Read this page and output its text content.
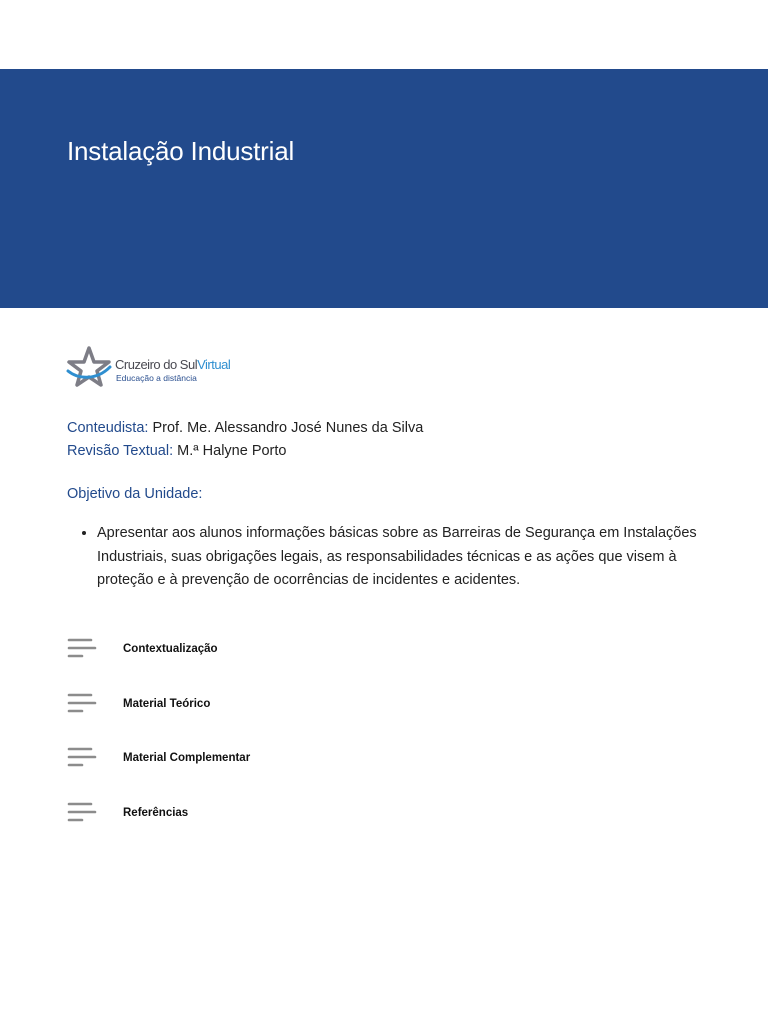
Instalação Industrial
Cruzeiro do SulVirtual
Educação a distância
Conteudista: Prof. Me. Alessandro José Nunes da Silva
Revisão Textual: M.ª Halyne Porto
Objetivo da Unidade:
• Apresentar aos alunos informações básicas sobre as Barreiras de Segurança em Instalações Industriais, suas obrigações legais, as responsabilidades técnicas e as ações que visem à proteção e à prevenção de ocorrências de incidentes e acidentes.
Contextualização
Material Teórico
Material Complementar
Referências
